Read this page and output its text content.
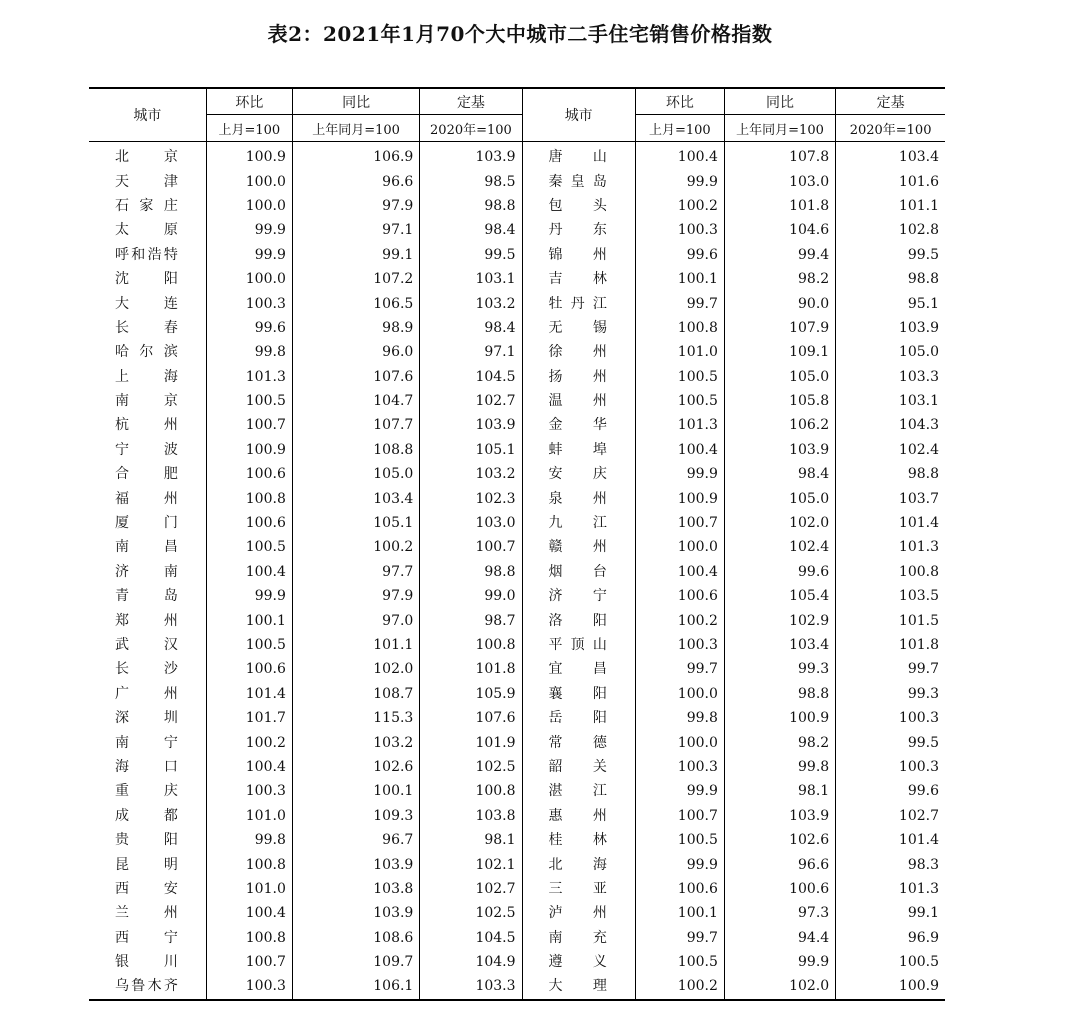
表2：2021年1月70个大中城市二手住宅销售价格指数
城市	环比	同比	定基	城市	环比	同比	定基
	上月=100	上年同月=100	2020年=100		上月=100	上年同月=100	2020年=100
北京	100.9	106.9	103.9	唐山	100.4	107.8	103.4
天津	100.0	96.6	98.5	秦皇岛	99.9	103.0	101.6
石家庄	100.0	97.9	98.8	包头	100.2	101.8	101.1
太原	99.9	97.1	98.4	丹东	100.3	104.6	102.8
呼和浩特	99.9	99.1	99.5	锦州	99.6	99.4	99.5
沈阳	100.0	107.2	103.1	吉林	100.1	98.2	98.8
大连	100.3	106.5	103.2	牡丹江	99.7	90.0	95.1
长春	99.6	98.9	98.4	无锡	100.8	107.9	103.9
哈尔滨	99.8	96.0	97.1	徐州	101.0	109.1	105.0
上海	101.3	107.6	104.5	扬州	100.5	105.0	103.3
南京	100.5	104.7	102.7	温州	100.5	105.8	103.1
杭州	100.7	107.7	103.9	金华	101.3	106.2	104.3
宁波	100.9	108.8	105.1	蚌埠	100.4	103.9	102.4
合肥	100.6	105.0	103.2	安庆	99.9	98.4	98.8
福州	100.8	103.4	102.3	泉州	100.9	105.0	103.7
厦门	100.6	105.1	103.0	九江	100.7	102.0	101.4
南昌	100.5	100.2	100.7	赣州	100.0	102.4	101.3
济南	100.4	97.7	98.8	烟台	100.4	99.6	100.8
青岛	99.9	97.9	99.0	济宁	100.6	105.4	103.5
郑州	100.1	97.0	98.7	洛阳	100.2	102.9	101.5
武汉	100.5	101.1	100.8	平顶山	100.3	103.4	101.8
长沙	100.6	102.0	101.8	宜昌	99.7	99.3	99.7
广州	101.4	108.7	105.9	襄阳	100.0	98.8	99.3
深圳	101.7	115.3	107.6	岳阳	99.8	100.9	100.3
南宁	100.2	103.2	101.9	常德	100.0	98.2	99.5
海口	100.4	102.6	102.5	韶关	100.3	99.8	100.3
重庆	100.3	100.1	100.8	湛江	99.9	98.1	99.6
成都	101.0	109.3	103.8	惠州	100.7	103.9	102.7
贵阳	99.8	96.7	98.1	桂林	100.5	102.6	101.4
昆明	100.8	103.9	102.1	北海	99.9	96.6	98.3
西安	101.0	103.8	102.7	三亚	100.6	100.6	101.3
兰州	100.4	103.9	102.5	泸州	100.1	97.3	99.1
西宁	100.8	108.6	104.5	南充	99.7	94.4	96.9
银川	100.7	109.7	104.9	遵义	100.5	99.9	100.5
乌鲁木齐	100.3	106.1	103.3	大理	100.2	102.0	100.9
